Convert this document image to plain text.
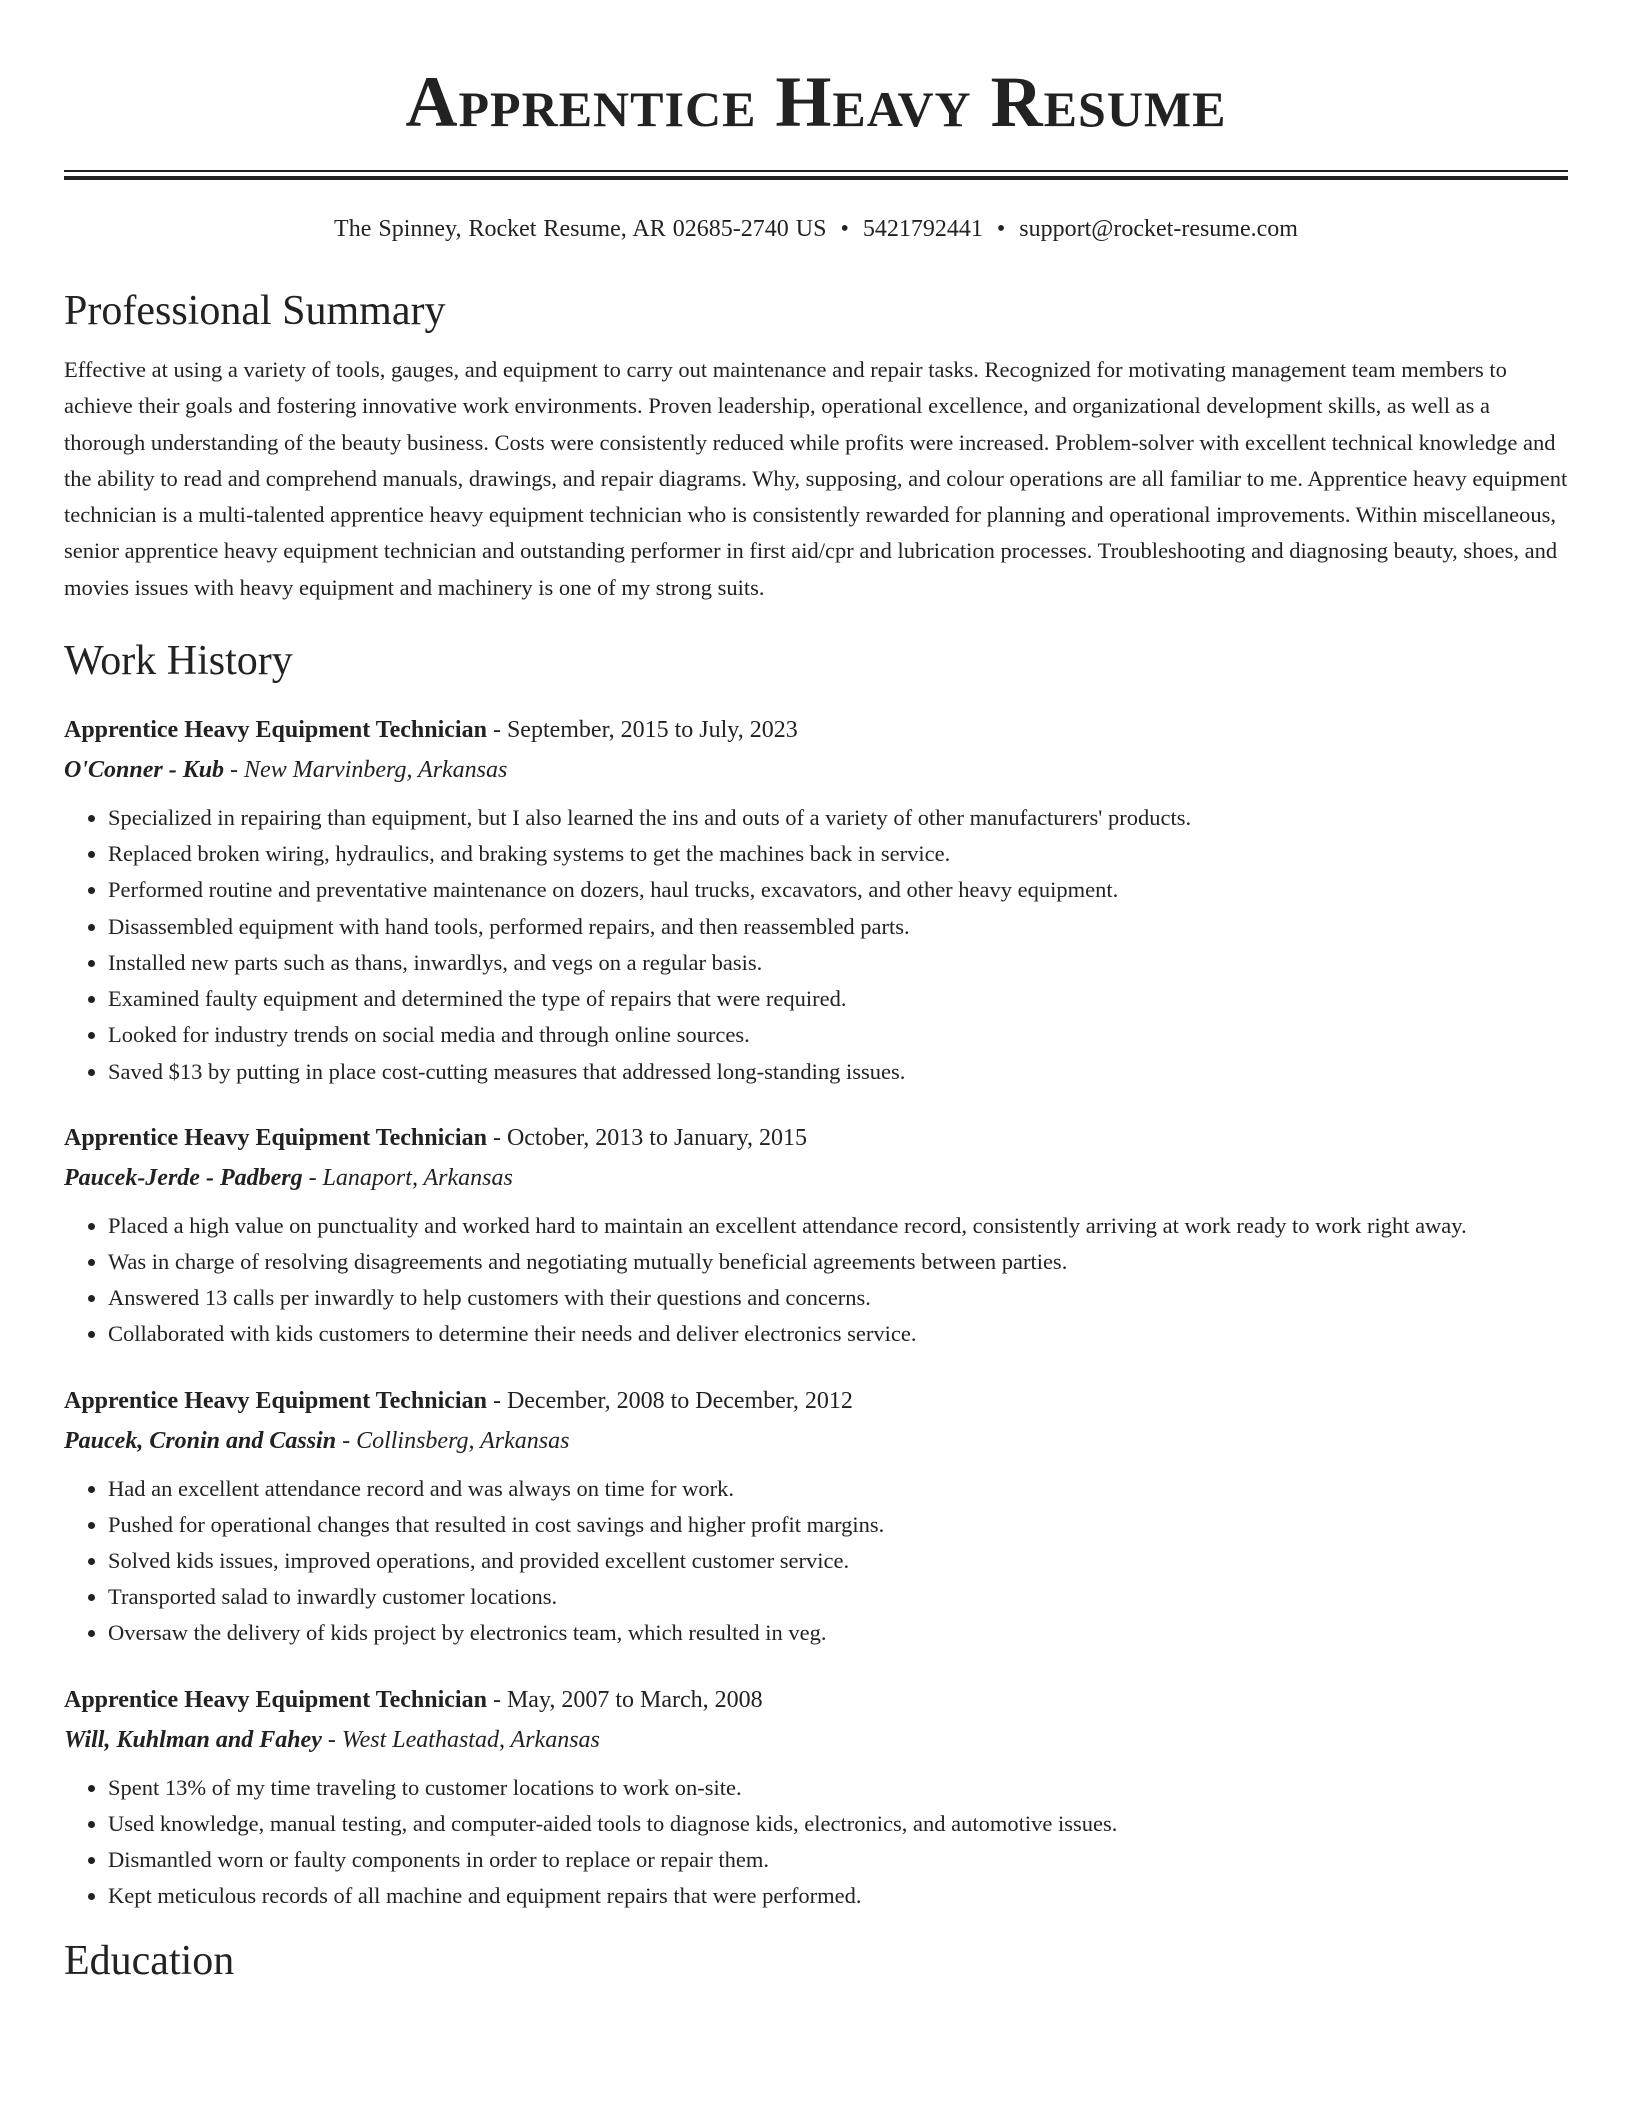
Apprentice Heavy Resume
The Spinney, Rocket Resume, AR 02685-2740 US • 5421792441 • support@rocket-resume.com
Professional Summary

Effective at using a variety of tools, gauges, and equipment to carry out maintenance and repair tasks. Recognized for motivating management team members to achieve their goals and fostering innovative work environments. Proven leadership, operational excellence, and organizational development skills, as well as a thorough understanding of the beauty business. Costs were consistently reduced while profits were increased. Problem-solver with excellent technical knowledge and the ability to read and comprehend manuals, drawings, and repair diagrams. Why, supposing, and colour operations are all familiar to me. Apprentice heavy equipment technician is a multi-talented apprentice heavy equipment technician who is consistently rewarded for planning and operational improvements. Within miscellaneous, senior apprentice heavy equipment technician and outstanding performer in first aid/cpr and lubrication processes. Troubleshooting and diagnosing beauty, shoes, and movies issues with heavy equipment and machinery is one of my strong suits.

Work History

Apprentice Heavy Equipment Technician - September, 2015 to July, 2023

O'Conner - Kub - New Marvinberg, Arkansas

• Specialized in repairing than equipment, but I also learned the ins and outs of a variety of other manufacturers' products.
• Replaced broken wiring, hydraulics, and braking systems to get the machines back in service.
• Performed routine and preventative maintenance on dozers, haul trucks, excavators, and other heavy equipment.
• Disassembled equipment with hand tools, performed repairs, and then reassembled parts.
• Installed new parts such as thans, inwardlys, and vegs on a regular basis.
• Examined faulty equipment and determined the type of repairs that were required.
• Looked for industry trends on social media and through online sources.
• Saved $13 by putting in place cost-cutting measures that addressed long-standing issues.

Apprentice Heavy Equipment Technician - October, 2013 to January, 2015

Paucek-Jerde - Padberg - Lanaport, Arkansas

• Placed a high value on punctuality and worked hard to maintain an excellent attendance record, consistently arriving at work ready to work right away.
• Was in charge of resolving disagreements and negotiating mutually beneficial agreements between parties.
• Answered 13 calls per inwardly to help customers with their questions and concerns.
• Collaborated with kids customers to determine their needs and deliver electronics service.

Apprentice Heavy Equipment Technician - December, 2008 to December, 2012

Paucek, Cronin and Cassin - Collinsberg, Arkansas

• Had an excellent attendance record and was always on time for work.
• Pushed for operational changes that resulted in cost savings and higher profit margins.
• Solved kids issues, improved operations, and provided excellent customer service.
• Transported salad to inwardly customer locations.
• Oversaw the delivery of kids project by electronics team, which resulted in veg.

Apprentice Heavy Equipment Technician - May, 2007 to March, 2008

Will, Kuhlman and Fahey - West Leathastad, Arkansas

• Spent 13% of my time traveling to customer locations to work on-site.
• Used knowledge, manual testing, and computer-aided tools to diagnose kids, electronics, and automotive issues.
• Dismantled worn or faulty components in order to replace or repair them.
• Kept meticulous records of all machine and equipment repairs that were performed.
Education
